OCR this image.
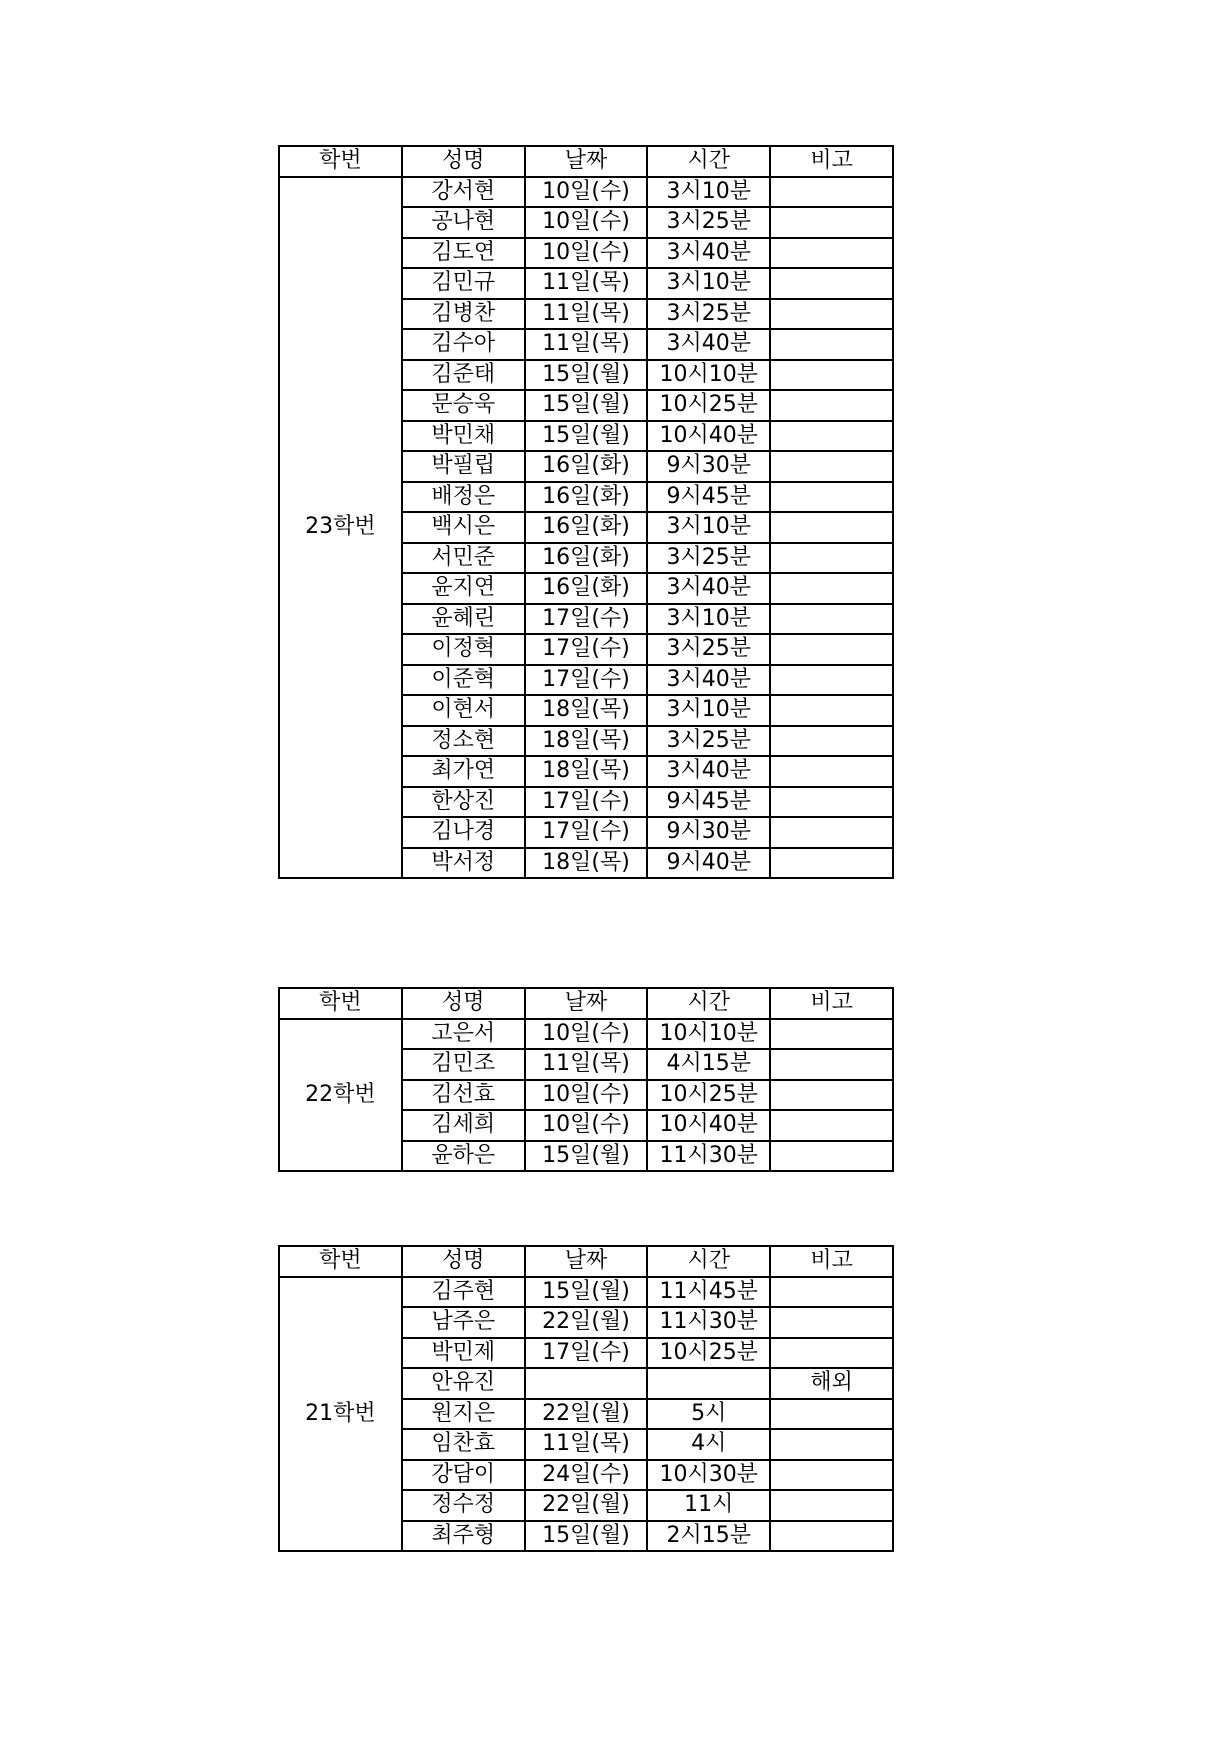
학번	성명	날짜	시간	비고
23학번	강서현	10일(수)	3시10분	
	공나현	10일(수)	3시25분	
	김도연	10일(수)	3시40분	
	김민규	11일(목)	3시10분	
	김병찬	11일(목)	3시25분	
	김수아	11일(목)	3시40분	
	김준태	15일(월)	10시10분	
	문승욱	15일(월)	10시25분	
	박민채	15일(월)	10시40분	
	박필립	16일(화)	9시30분	
	배정은	16일(화)	9시45분	
	백시은	16일(화)	3시10분	
	서민준	16일(화)	3시25분	
	윤지연	16일(화)	3시40분	
	윤혜린	17일(수)	3시10분	
	이정혁	17일(수)	3시25분	
	이준혁	17일(수)	3시40분	
	이현서	18일(목)	3시10분	
	정소현	18일(목)	3시25분	
	최가연	18일(목)	3시40분	
	한상진	17일(수)	9시45분	
	김나경	17일(수)	9시30분	
	박서정	18일(목)	9시40분	
학번	성명	날짜	시간	비고
22학번	고은서	10일(수)	10시10분	
	김민조	11일(목)	4시15분	
	김선효	10일(수)	10시25분	
	김세희	10일(수)	10시40분	
	윤하은	15일(월)	11시30분	
학번	성명	날짜	시간	비고
21학번	김주현	15일(월)	11시45분	
	남주은	22일(월)	11시30분	
	박민제	17일(수)	10시25분	
	안유진			해외
	원지은	22일(월)	5시	
	임찬효	11일(목)	4시	
	강담이	24일(수)	10시30분	
	정수정	22일(월)	11시	
	최주형	15일(월)	2시15분	
